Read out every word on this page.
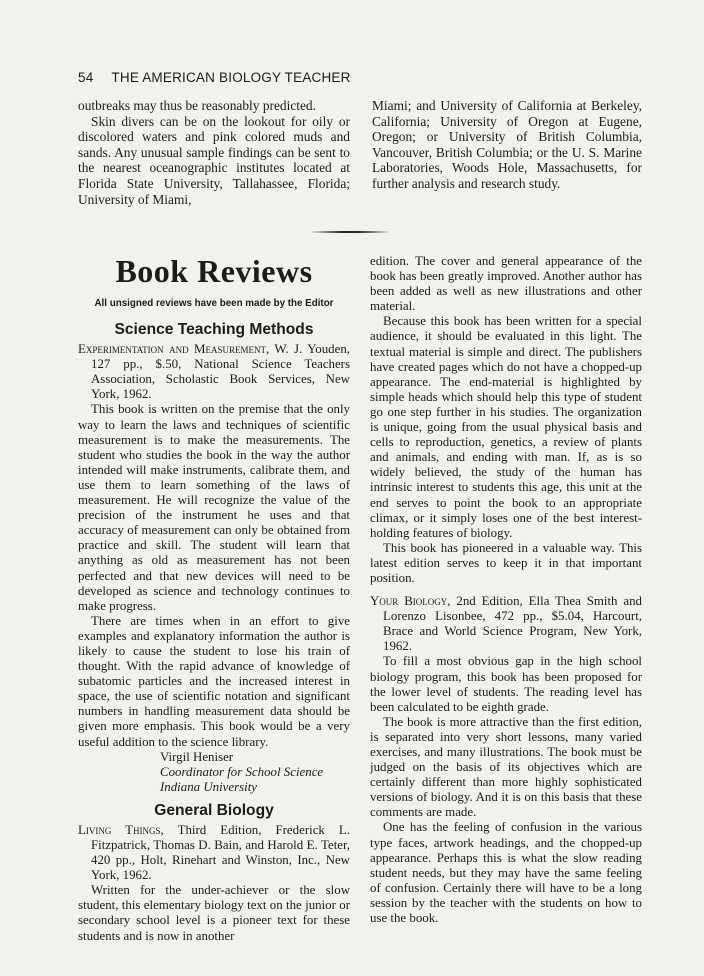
54 THE AMERICAN BIOLOGY TEACHER

outbreaks may thus be reasonably predicted.

Skin divers can be on the lookout for oily or discolored waters and pink colored muds and sands. Any unusual sample findings can be sent to the nearest oceanographic institutes located at Florida State University, Tallahassee, Florida; University of Miami,

Miami; and University of California at Berkeley, California; University of Oregon at Eugene, Oregon; or University of British Columbia, Vancouver, British Columbia; or the U. S. Marine Laboratories, Woods Hole, Massachusetts, for further analysis and research study.

Book Reviews
All unsigned reviews have been made by the Editor
Science Teaching Methods

Experimentation and Measurement, W. J. Youden, 127 pp., $.50, National Science Teachers Association, Scholastic Book Services, New York, 1962.

This book is written on the premise that the only way to learn the laws and techniques of scientific measurement is to make the measurements. The student who studies the book in the way the author intended will make instruments, calibrate them, and use them to learn something of the laws of measurement. He will recognize the value of the precision of the instrument he uses and that accuracy of measurement can only be obtained from practice and skill. The student will learn that anything as old as measurement has not been perfected and that new devices will need to be developed as science and technology continues to make progress.

There are times when in an effort to give examples and explanatory information the author is likely to cause the student to lose his train of thought. With the rapid advance of knowledge of subatomic particles and the increased interest in space, the use of scientific notation and significant numbers in handling measurement data should be given more emphasis. This book would be a very useful addition to the science library.

Virgil Heniser

Coordinator for School Science

Indiana University

General Biology

Living Things, Third Edition, Frederick L. Fitzpatrick, Thomas D. Bain, and Harold E. Teter, 420 pp., Holt, Rinehart and Winston, Inc., New York, 1962.

Written for the under-achiever or the slow student, this elementary biology text on the junior or secondary school level is a pioneer text for these students and is now in another

edition. The cover and general appearance of the book has been greatly improved. Another author has been added as well as new illustrations and other material.

Because this book has been written for a special audience, it should be evaluated in this light. The textual material is simple and direct. The publishers have created pages which do not have a chopped-up appearance. The end-material is highlighted by simple heads which should help this type of student go one step further in his studies. The organization is unique, going from the usual physical basis and cells to reproduction, genetics, a review of plants and animals, and ending with man. If, as is so widely believed, the study of the human has intrinsic interest to students this age, this unit at the end serves to point the book to an appropriate climax, or it simply loses one of the best interest-holding features of biology.

This book has pioneered in a valuable way. This latest edition serves to keep it in that important position.

Your Biology, 2nd Edition, Ella Thea Smith and Lorenzo Lisonbee, 472 pp., $5.04, Harcourt, Brace and World Science Program, New York, 1962.

To fill a most obvious gap in the high school biology program, this book has been proposed for the lower level of students. The reading level has been calculated to be eighth grade.

The book is more attractive than the first edition, is separated into very short lessons, many varied exercises, and many illustrations. The book must be judged on the basis of its objectives which are certainly different than more highly sophisticated versions of biology. And it is on this basis that these comments are made.

One has the feeling of confusion in the various type faces, artwork headings, and the chopped-up appearance. Perhaps this is what the slow reading student needs, but they may have the same feeling of confusion. Certainly there will have to be a long session by the teacher with the students on how to use the book.
